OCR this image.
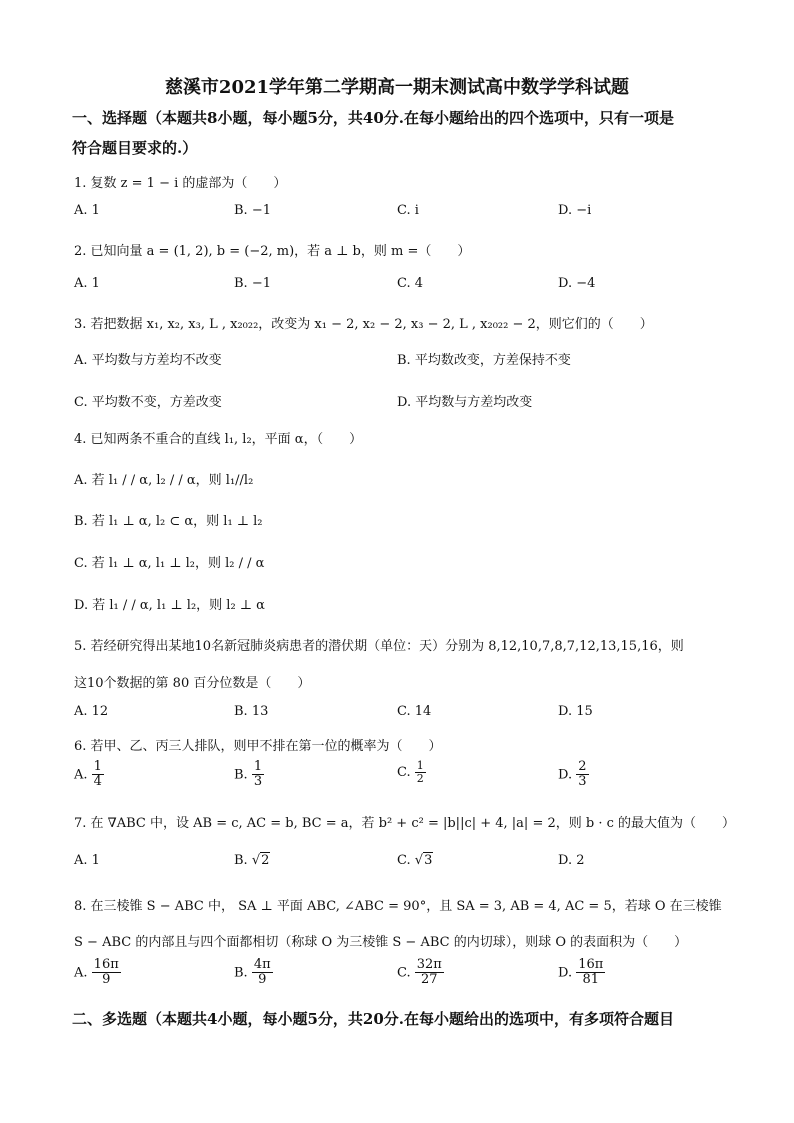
慈溪市2021学年第二学期高一期末测试高中数学学科试题
一、选择题（本题共8小题，每小题5分，共40分.在每小题给出的四个选项中，只有一项是
符合题目要求的.）
1. 复数 z = 1 − i 的虚部为（　　）
A. 1	B. −1	C. i	D. −i
2. 已知向量 a = (1, 2), b = (−2, m)，若 a ⊥ b，则 m =（　　）
A. 1	B. −1	C. 4	D. −4
3. 若把数据 x₁, x₂, x₃, L , x₂₀₂₂，改变为 x₁ − 2, x₂ − 2, x₃ − 2, L , x₂₀₂₂ − 2，则它们的（　　）
A. 平均数与方差均不改变	B. 平均数改变，方差保持不变
C. 平均数不变，方差改变	D. 平均数与方差均改变
4. 已知两条不重合的直线 l₁, l₂，平面 α，（　　）
A. 若 l₁ / / α, l₂ / / α，则 l₁//l₂
B. 若 l₁ ⊥ α, l₂ ⊂ α，则 l₁ ⊥ l₂
C. 若 l₁ ⊥ α, l₁ ⊥ l₂，则 l₂ / / α
D. 若 l₁ / / α, l₁ ⊥ l₂，则 l₂ ⊥ α
5. 若经研究得出某地10名新冠肺炎病患者的潜伏期（单位：天）分别为 8,12,10,7,8,7,12,13,15,16，则
这10个数据的第 80 百分位数是（　　）
A. 12	B. 13	C. 14	D. 15
6. 若甲、乙、丙三人排队，则甲不排在第一位的概率为（　　）
A. $\frac{1}{4}$	B. $\frac{1}{3}$	C. $\frac{1}{2}$	D. $\frac{2}{3}$
7. 在 ∇ABC 中，设 AB = c, AC = b, BC = a，若 b² + c² = |b||c| + 4, |a| = 2，则 b · c 的最大值为（　　）
A. 1	B. √2	C. √3	D. 2
8. 在三棱锥 S − ABC 中， SA ⊥ 平面 ABC, ∠ABC = 90°，且 SA = 3, AB = 4, AC = 5，若球 O 在三棱锥
S − ABC 的内部且与四个面都相切（称球 O 为三棱锥 S − ABC 的内切球），则球 O 的表面积为（　　）
A. $\frac{16\pi}{9}$	B. $\frac{4\pi}{9}$	C. $\frac{32\pi}{27}$	D. $\frac{16\pi}{81}$
二、多选题（本题共4小题，每小题5分，共20分.在每小题给出的选项中，有多项符合题目
